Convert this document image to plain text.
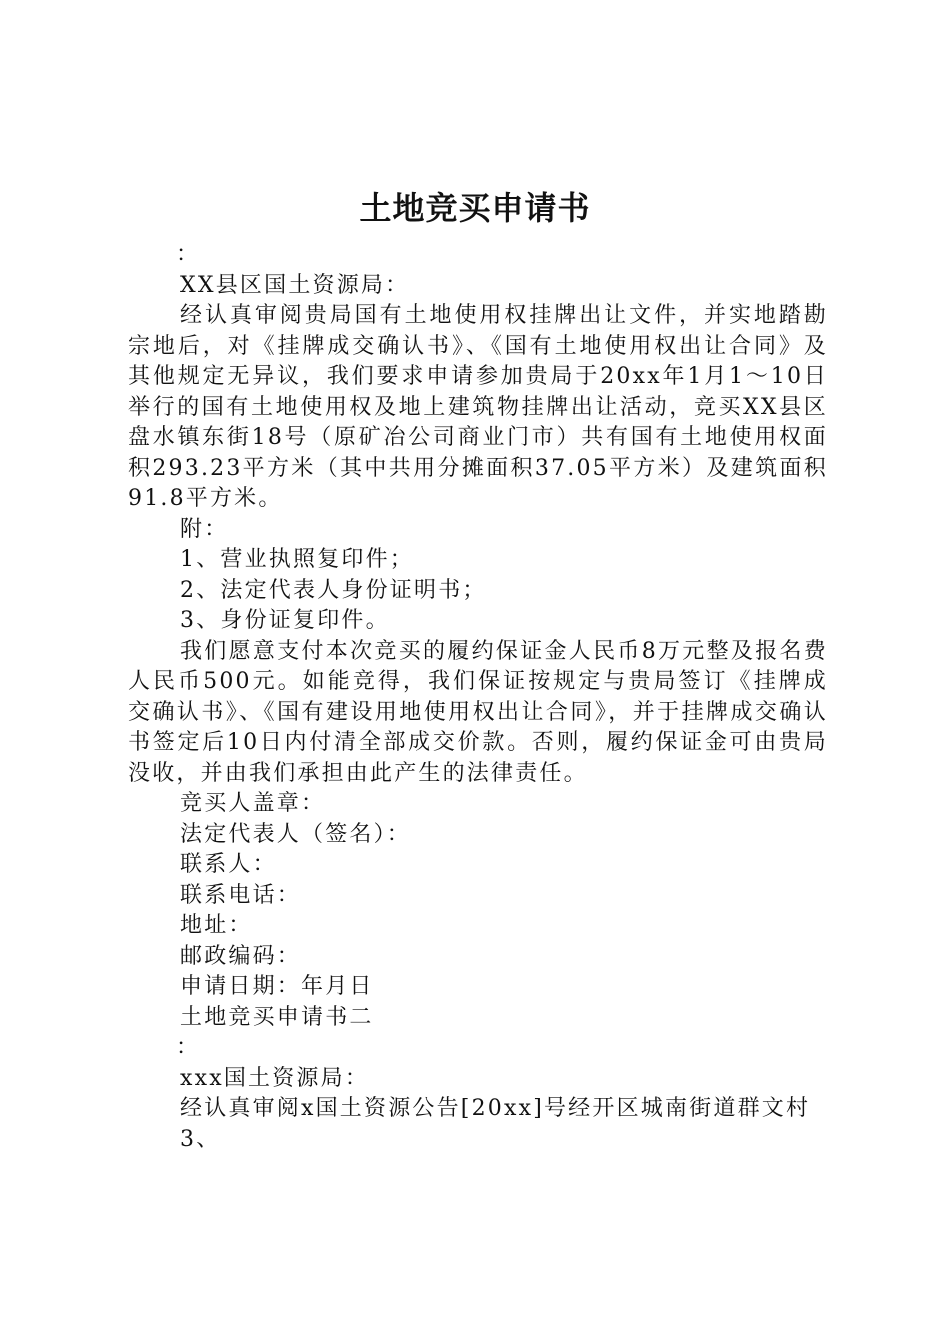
土地竞买申请书

：

XX县区国土资源局：

经认真审阅贵局国有土地使用权挂牌出让文件，并实地踏勘宗地后，对《挂牌成交确认书》、《国有土地使用权出让合同》及其他规定无异议，我们要求申请参加贵局于20xx年1月1～10日举行的国有土地使用权及地上建筑物挂牌出让活动，竞买XX县区盘水镇东街18号（原矿冶公司商业门市）共有国有土地使用权面积293.23平方米（其中共用分摊面积37.05平方米）及建筑面积91.8平方米。

附：

1、营业执照复印件；

2、法定代表人身份证明书；

3、身份证复印件。

我们愿意支付本次竞买的履约保证金人民币8万元整及报名费人民币500元。如能竞得，我们保证按规定与贵局签订《挂牌成交确认书》、《国有建设用地使用权出让合同》，并于挂牌成交确认书签定后10日内付清全部成交价款。否则，履约保证金可由贵局没收，并由我们承担由此产生的法律责任。

竞买人盖章：

法定代表人（签名）：

联系人：

联系电话：

地址：

邮政编码：

申请日期：年月日

土地竞买申请书二

：

xxx国土资源局：

经认真审阅x国土资源公告[20xx]号经开区城南街道群文村

3、
